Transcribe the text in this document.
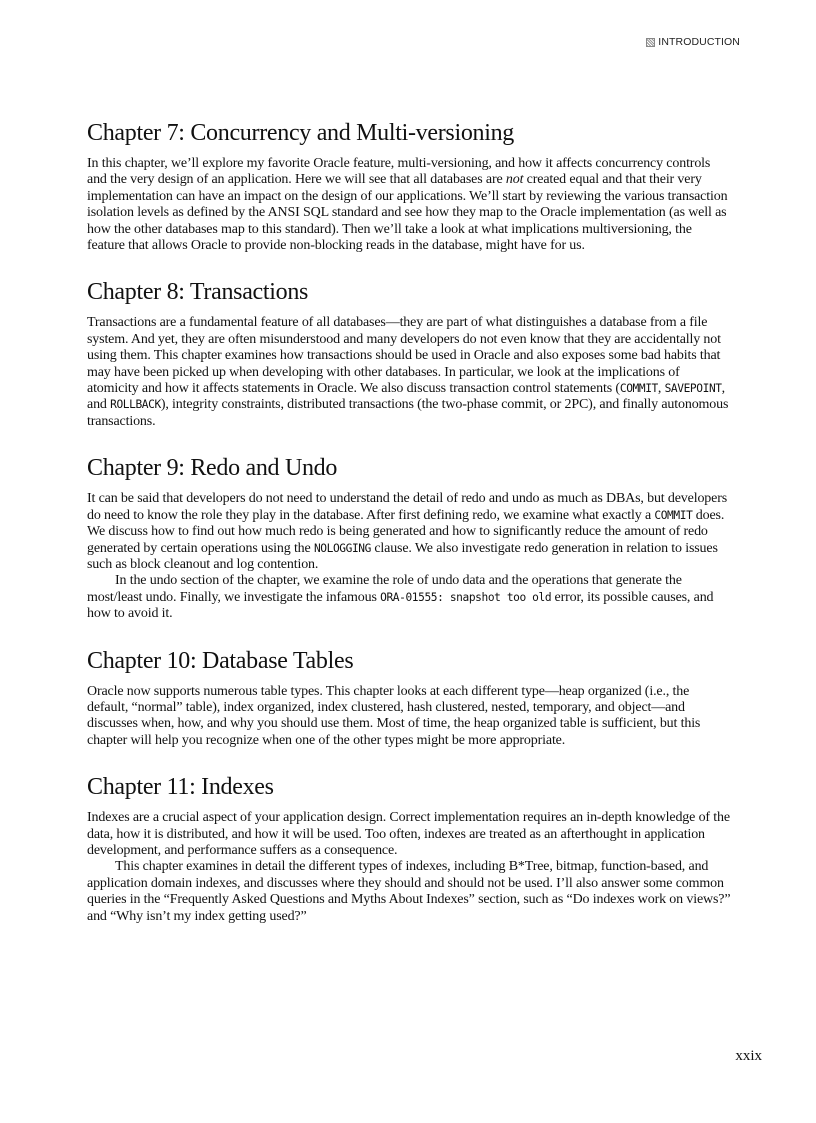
INTRODUCTION
Chapter 7: Concurrency and Multi-versioning

In this chapter, we’ll explore my favorite Oracle feature, multi-versioning, and how it affects concurrency controls and the very design of an application. Here we will see that all databases are not created equal and that their very implementation can have an impact on the design of our applications. We’ll start by reviewing the various transaction isolation levels as defined by the ANSI SQL standard and see how they map to the Oracle implementation (as well as how the other databases map to this standard). Then we’ll take a look at what implications multiversioning, the feature that allows Oracle to provide non-blocking reads in the database, might have for us.

Chapter 8: Transactions

Transactions are a fundamental feature of all databases—they are part of what distinguishes a database from a file system. And yet, they are often misunderstood and many developers do not even know that they are accidentally not using them. This chapter examines how transactions should be used in Oracle and also exposes some bad habits that may have been picked up when developing with other databases. In particular, we look at the implications of atomicity and how it affects statements in Oracle. We also discuss transaction control statements (COMMIT, SAVEPOINT, and ROLLBACK), integrity constraints, distributed transactions (the two-phase commit, or 2PC), and finally autonomous transactions.

Chapter 9: Redo and Undo

It can be said that developers do not need to understand the detail of redo and undo as much as DBAs, but developers do need to know the role they play in the database. After first defining redo, we examine what exactly a COMMIT does. We discuss how to find out how much redo is being generated and how to significantly reduce the amount of redo generated by certain operations using the NOLOGGING clause. We also investigate redo generation in relation to issues such as block cleanout and log contention.

In the undo section of the chapter, we examine the role of undo data and the operations that generate the most/least undo. Finally, we investigate the infamous ORA-01555: snapshot too old error, its possible causes, and how to avoid it.

Chapter 10: Database Tables

Oracle now supports numerous table types. This chapter looks at each different type—heap organized (i.e., the default, “normal” table), index organized, index clustered, hash clustered, nested, temporary, and object—and discusses when, how, and why you should use them. Most of time, the heap organized table is sufficient, but this chapter will help you recognize when one of the other types might be more appropriate.

Chapter 11: Indexes

Indexes are a crucial aspect of your application design. Correct implementation requires an in-depth knowledge of the data, how it is distributed, and how it will be used. Too often, indexes are treated as an afterthought in application development, and performance suffers as a consequence.

This chapter examines in detail the different types of indexes, including B*Tree, bitmap, function-based, and application domain indexes, and discusses where they should and should not be used. I’ll also answer some common queries in the “Frequently Asked Questions and Myths About Indexes” section, such as “Do indexes work on views?” and “Why isn’t my index getting used?”

xxix
